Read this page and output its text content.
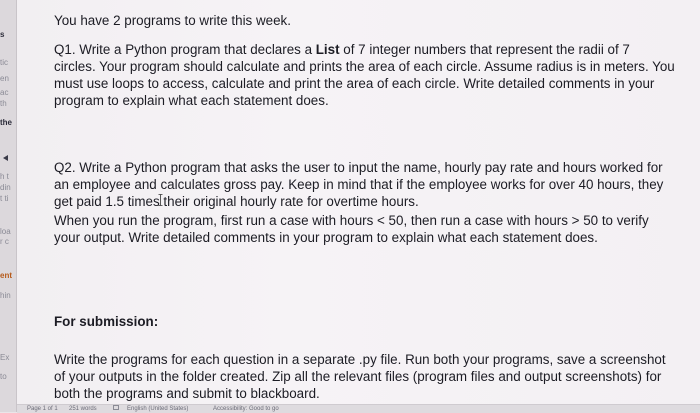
s
tic
en
ac
th
the
h t
din
t ti
loa
r c
ent
hin
Ex
to

You have 2 programs to write this week.

Q1. Write a Python program that declares a List of 7 integer numbers that represent the radii of 7
circles. Your program should calculate and prints the area of each circle. Assume radius is in meters. You
must use loops to access, calculate and print the area of each circle. Write detailed comments in your
program to explain what each statement does.

Q2. Write a Python program that asks the user to input the name, hourly pay rate and hours worked for
an employee and calculates gross pay. Keep in mind that if the employee works for over 40 hours, they
get paid 1.5 times their original hourly rate for overtime hours.

When you run the program, first run a case with hours < 50, then run a case with hours > 50 to verify
your output. Write detailed comments in your program to explain what each statement does.

For submission:

Write the programs for each question in a separate .py file. Run both your programs, save a screenshot
of your outputs in the folder created. Zip all the relevant files (program files and output screenshots) for
both the programs and submit to blackboard.

Page 1 of 1 251 words	English (United States)	Accessibility: Good to go
